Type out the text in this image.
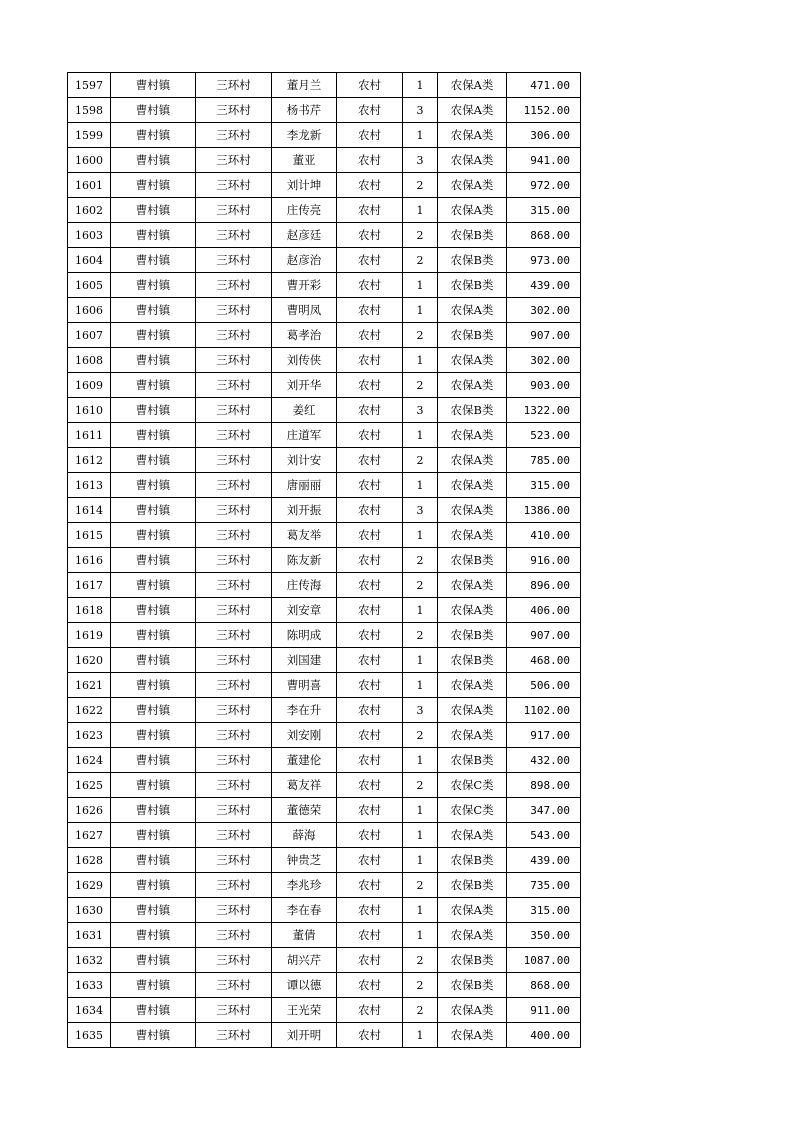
1597	曹村镇	三环村	董月兰	农村	1	农保A类	471.00
1598	曹村镇	三环村	杨书芹	农村	3	农保A类	1152.00
1599	曹村镇	三环村	李龙新	农村	1	农保A类	306.00
1600	曹村镇	三环村	董亚	农村	3	农保A类	941.00
1601	曹村镇	三环村	刘计坤	农村	2	农保A类	972.00
1602	曹村镇	三环村	庄传亮	农村	1	农保A类	315.00
1603	曹村镇	三环村	赵彦廷	农村	2	农保B类	868.00
1604	曹村镇	三环村	赵彦治	农村	2	农保B类	973.00
1605	曹村镇	三环村	曹开彩	农村	1	农保B类	439.00
1606	曹村镇	三环村	曹明凤	农村	1	农保A类	302.00
1607	曹村镇	三环村	葛孝治	农村	2	农保B类	907.00
1608	曹村镇	三环村	刘传侠	农村	1	农保A类	302.00
1609	曹村镇	三环村	刘开华	农村	2	农保A类	903.00
1610	曹村镇	三环村	姜红	农村	3	农保B类	1322.00
1611	曹村镇	三环村	庄道军	农村	1	农保A类	523.00
1612	曹村镇	三环村	刘计安	农村	2	农保A类	785.00
1613	曹村镇	三环村	唐丽丽	农村	1	农保A类	315.00
1614	曹村镇	三环村	刘开振	农村	3	农保A类	1386.00
1615	曹村镇	三环村	葛友举	农村	1	农保A类	410.00
1616	曹村镇	三环村	陈友新	农村	2	农保B类	916.00
1617	曹村镇	三环村	庄传海	农村	2	农保A类	896.00
1618	曹村镇	三环村	刘安章	农村	1	农保A类	406.00
1619	曹村镇	三环村	陈明成	农村	2	农保B类	907.00
1620	曹村镇	三环村	刘国建	农村	1	农保B类	468.00
1621	曹村镇	三环村	曹明喜	农村	1	农保A类	506.00
1622	曹村镇	三环村	李在升	农村	3	农保A类	1102.00
1623	曹村镇	三环村	刘安刚	农村	2	农保A类	917.00
1624	曹村镇	三环村	董建伦	农村	1	农保B类	432.00
1625	曹村镇	三环村	葛友祥	农村	2	农保C类	898.00
1626	曹村镇	三环村	董德荣	农村	1	农保C类	347.00
1627	曹村镇	三环村	薛海	农村	1	农保A类	543.00
1628	曹村镇	三环村	钟贵芝	农村	1	农保B类	439.00
1629	曹村镇	三环村	李兆珍	农村	2	农保B类	735.00
1630	曹村镇	三环村	李在春	农村	1	农保A类	315.00
1631	曹村镇	三环村	董倩	农村	1	农保A类	350.00
1632	曹村镇	三环村	胡兴芹	农村	2	农保B类	1087.00
1633	曹村镇	三环村	谭以德	农村	2	农保B类	868.00
1634	曹村镇	三环村	王光荣	农村	2	农保A类	911.00
1635	曹村镇	三环村	刘开明	农村	1	农保A类	400.00
